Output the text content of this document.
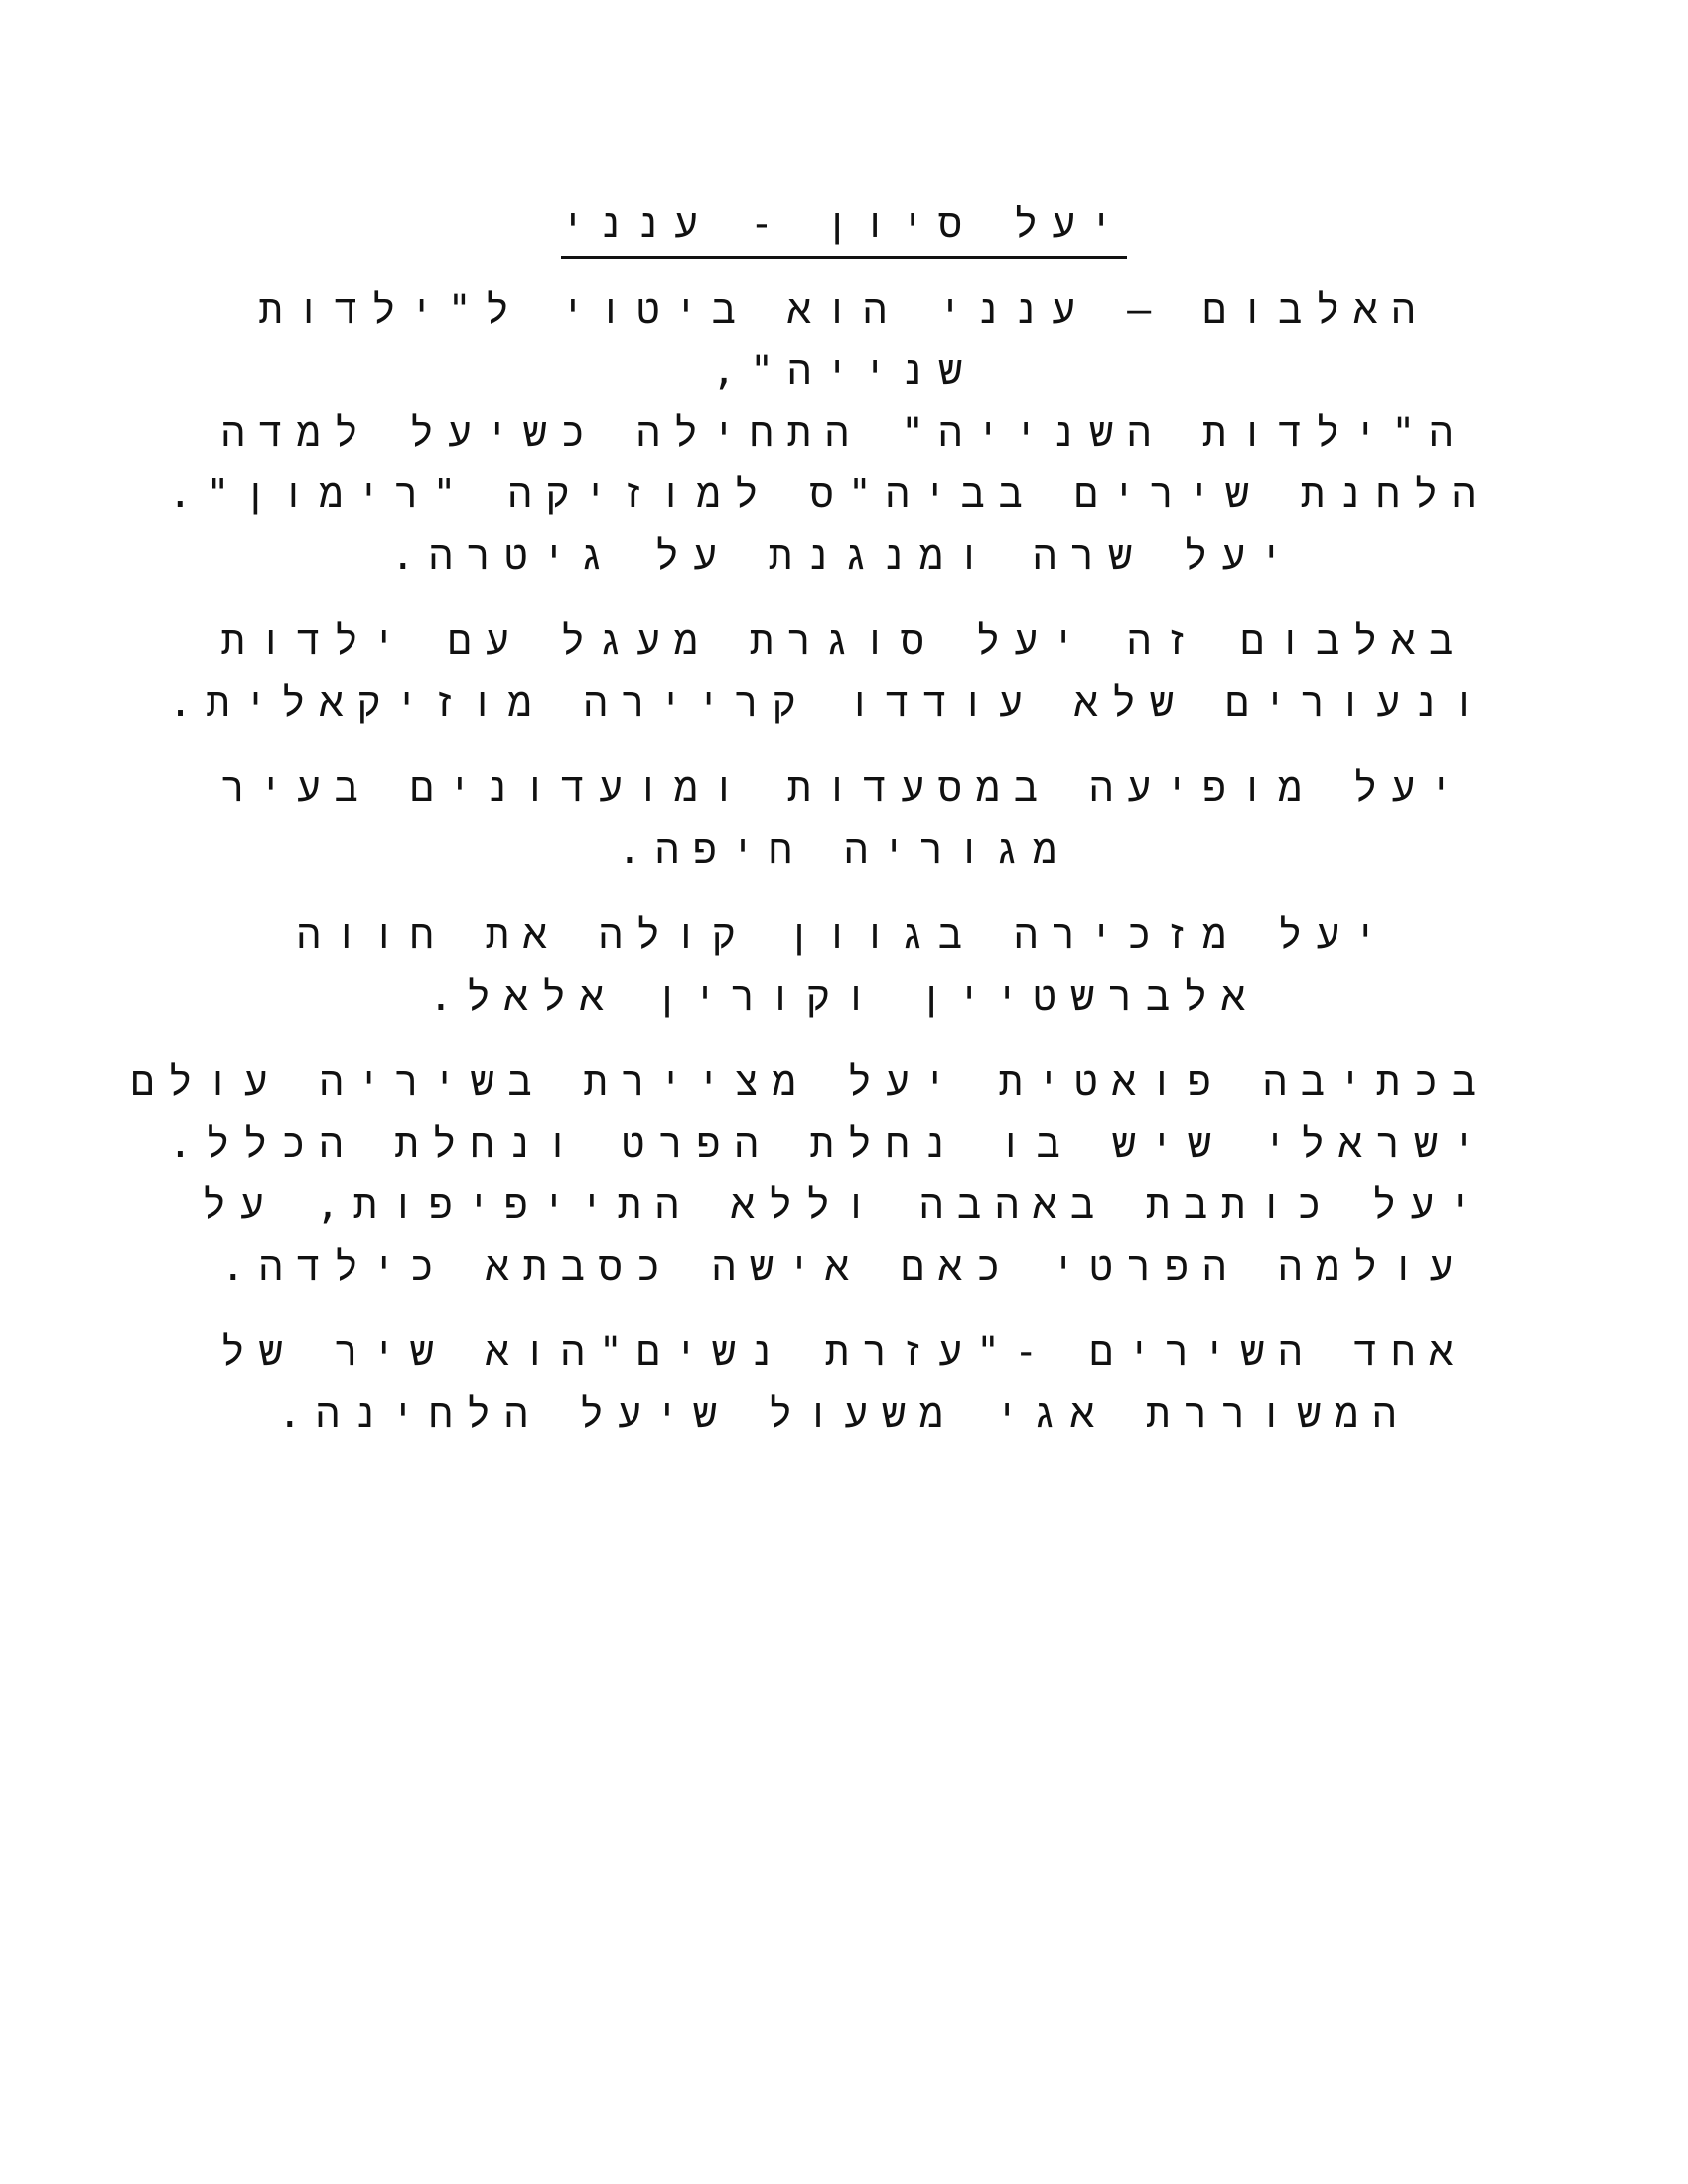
יעל סיון - ענני
האלבום – ענני הוא ביטוי ל"ילדות
שנייה",
ה"ילדות השנייה" התחילה כשיעל למדה
הלחנת שירים בביה"ס למוזיקה "רימון".
יעל שרה ומנגנת על גיטרה.
באלבום זה יעל סוגרת מעגל עם ילדות
ונעורים שלא עודדו קריירה מוזיקאלית.
יעל מופיעה במסעדות ומועדונים בעיר
מגוריה חיפה.
יעל מזכירה בגוון קולה את חווה
אלברשטיין וקורין אלאל.
בכתיבה פואטית יעל מציירת בשיריה עולם
ישראלי שיש בו נחלת הפרט ונחלת הכלל.
יעל כותבת באהבה וללא התייפיפות, על
עולמה הפרטי כאם אישה כסבתא כילדה.
אחד השירים -"עזרת נשים"הוא שיר של
המשוררת אגי משעול שיעל הלחינה.
